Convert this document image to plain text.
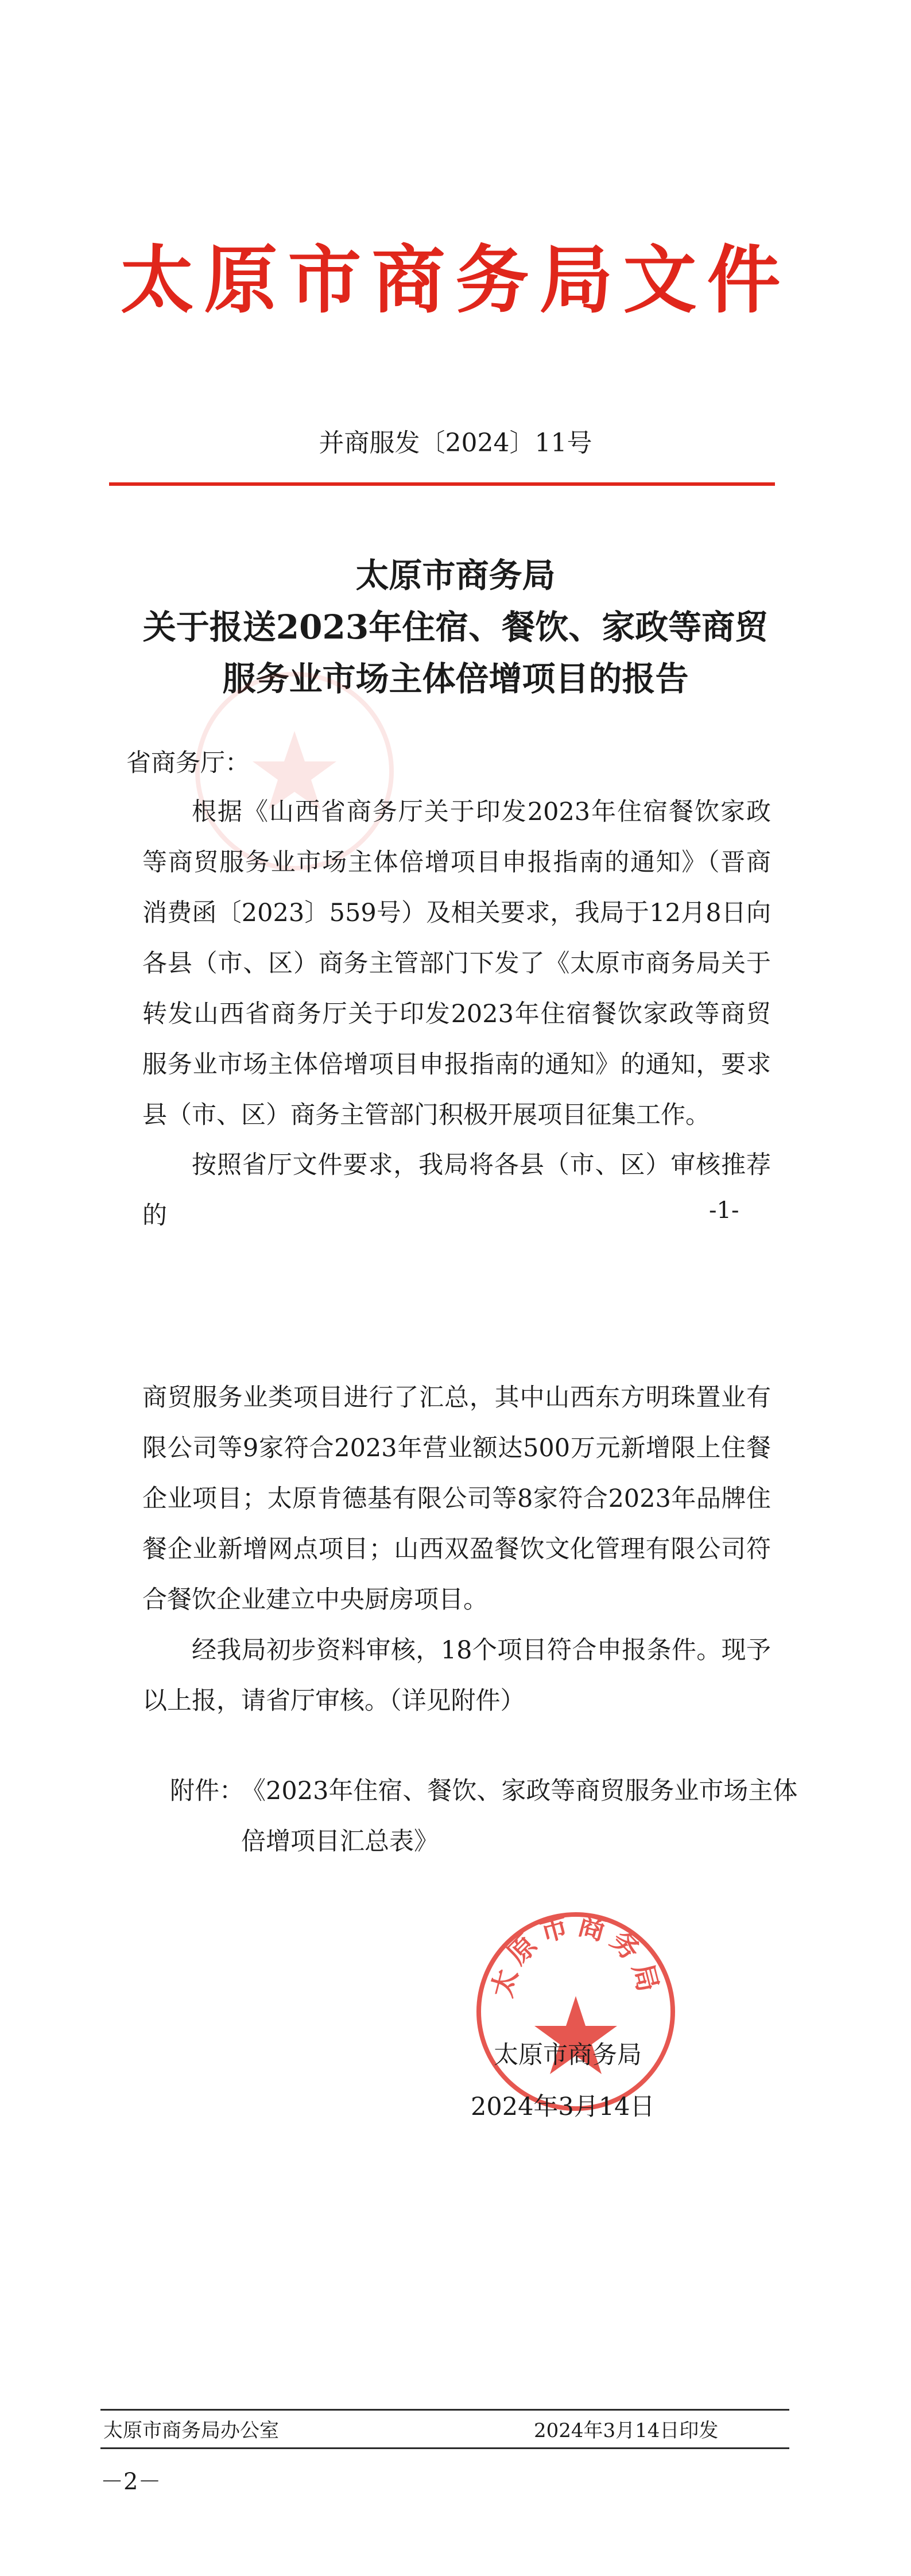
太原市商务局文件
并商服发〔2024〕11号
太原市商务局
关于报送2023年住宿、餐饮、家政等商贸
服务业市场主体倍增项目的报告
省商务厅：
根据《山西省商务厅关于印发2023年住宿餐饮家政等商贸服务业市场主体倍增项目申报指南的通知》（晋商消费函〔2023〕559号）及相关要求，我局于12月8日向各县（市、区）商务主管部门下发了《太原市商务局关于转发山西省商务厅关于印发2023年住宿餐饮家政等商贸服务业市场主体倍增项目申报指南的通知》的通知，要求县（市、区）商务主管部门积极开展项目征集工作。
按照省厅文件要求，我局将各县（市、区）审核推荐的	-1-
商贸服务业类项目进行了汇总，其中山西东方明珠置业有限公司等9家符合2023年营业额达500万元新增限上住餐企业项目；太原肯德基有限公司等8家符合2023年品牌住餐企业新增网点项目；山西双盈餐饮文化管理有限公司符合餐饮企业建立中央厨房项目。
经我局初步资料审核，18个项目符合申报条件。现予以上报，请省厅审核。（详见附件）
附件：
《2023年住宿、餐饮、家政等商贸服务业市场主体
倍增项目汇总表》
太原市商务局
太原市商务局
2024年3月14日
太原市商务局办公室	2024年3月14日印发
－2－
